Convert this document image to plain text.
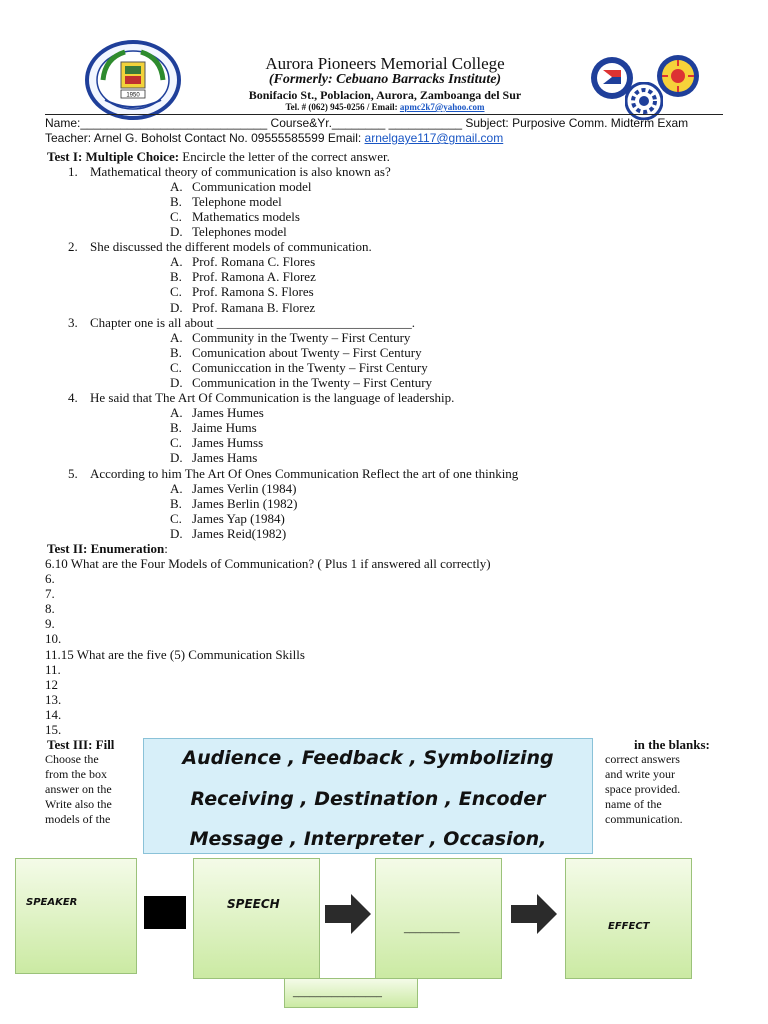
1950
Aurora Pioneers Memorial College
(Formerly: Cebuano Barracks Institute)
Bonifacio St., Poblacion, Aurora, Zamboanga del Sur
Tel. # (062) 945-0256 / Email: apmc2k7@yahoo.com
Name:____________________________ Course&Yr.________ ___________ Subject: Purposive Comm. Midterm Exam
Teacher: Arnel G. Boholst Contact No. 09555585599 Email: arnelgaye117@gmail.com
Test I: Multiple Choice: Encircle the letter of the correct answer.
1. Mathematical theory of communication is also known as?
A. Communication model
B. Telephone model
C. Mathematics models
D. Telephones model
2. She discussed the different models of communication.
A. Prof. Romana C. Flores
B. Prof. Ramona A. Florez
C. Prof. Ramona S. Flores
D. Prof. Ramana B. Florez
3. Chapter one is all about ______________________________.
A. Community in the Twenty – First Century
B. Comunication about Twenty – First Century
C. Comuniccation in the Twenty – First Century
D. Communication in the Twenty – First Century
4. He said that The Art Of Communication is the language of leadership.
A. James Humes
B. Jaime Hums
C. James Humss
D. James Hams
5. According to him The Art Of Ones Communication Reflect the art of one thinking
A. James Verlin (1984)
B. James Berlin (1982)
C. James Yap (1984)
D. James Reid(1982)
Test II: Enumeration:
6.10 What are the Four Models of Communication? ( Plus 1 if answered all correctly)
6.
7.
8.
9.
10.
11.15 What are the five (5) Communication Skills
11.
12
13.
14.
15.
Test III: Fill
Choose the
from the box
answer on the
Write also the
models of the
in the blanks:
correct answers
and write your
space provided.
name of the
communication.
Audience , Feedback , Symbolizing
Receiving , Destination , Encoder
Message , Interpreter , Occasion,
SPEAKER	SPEECH
__________	EFFECT
________________
